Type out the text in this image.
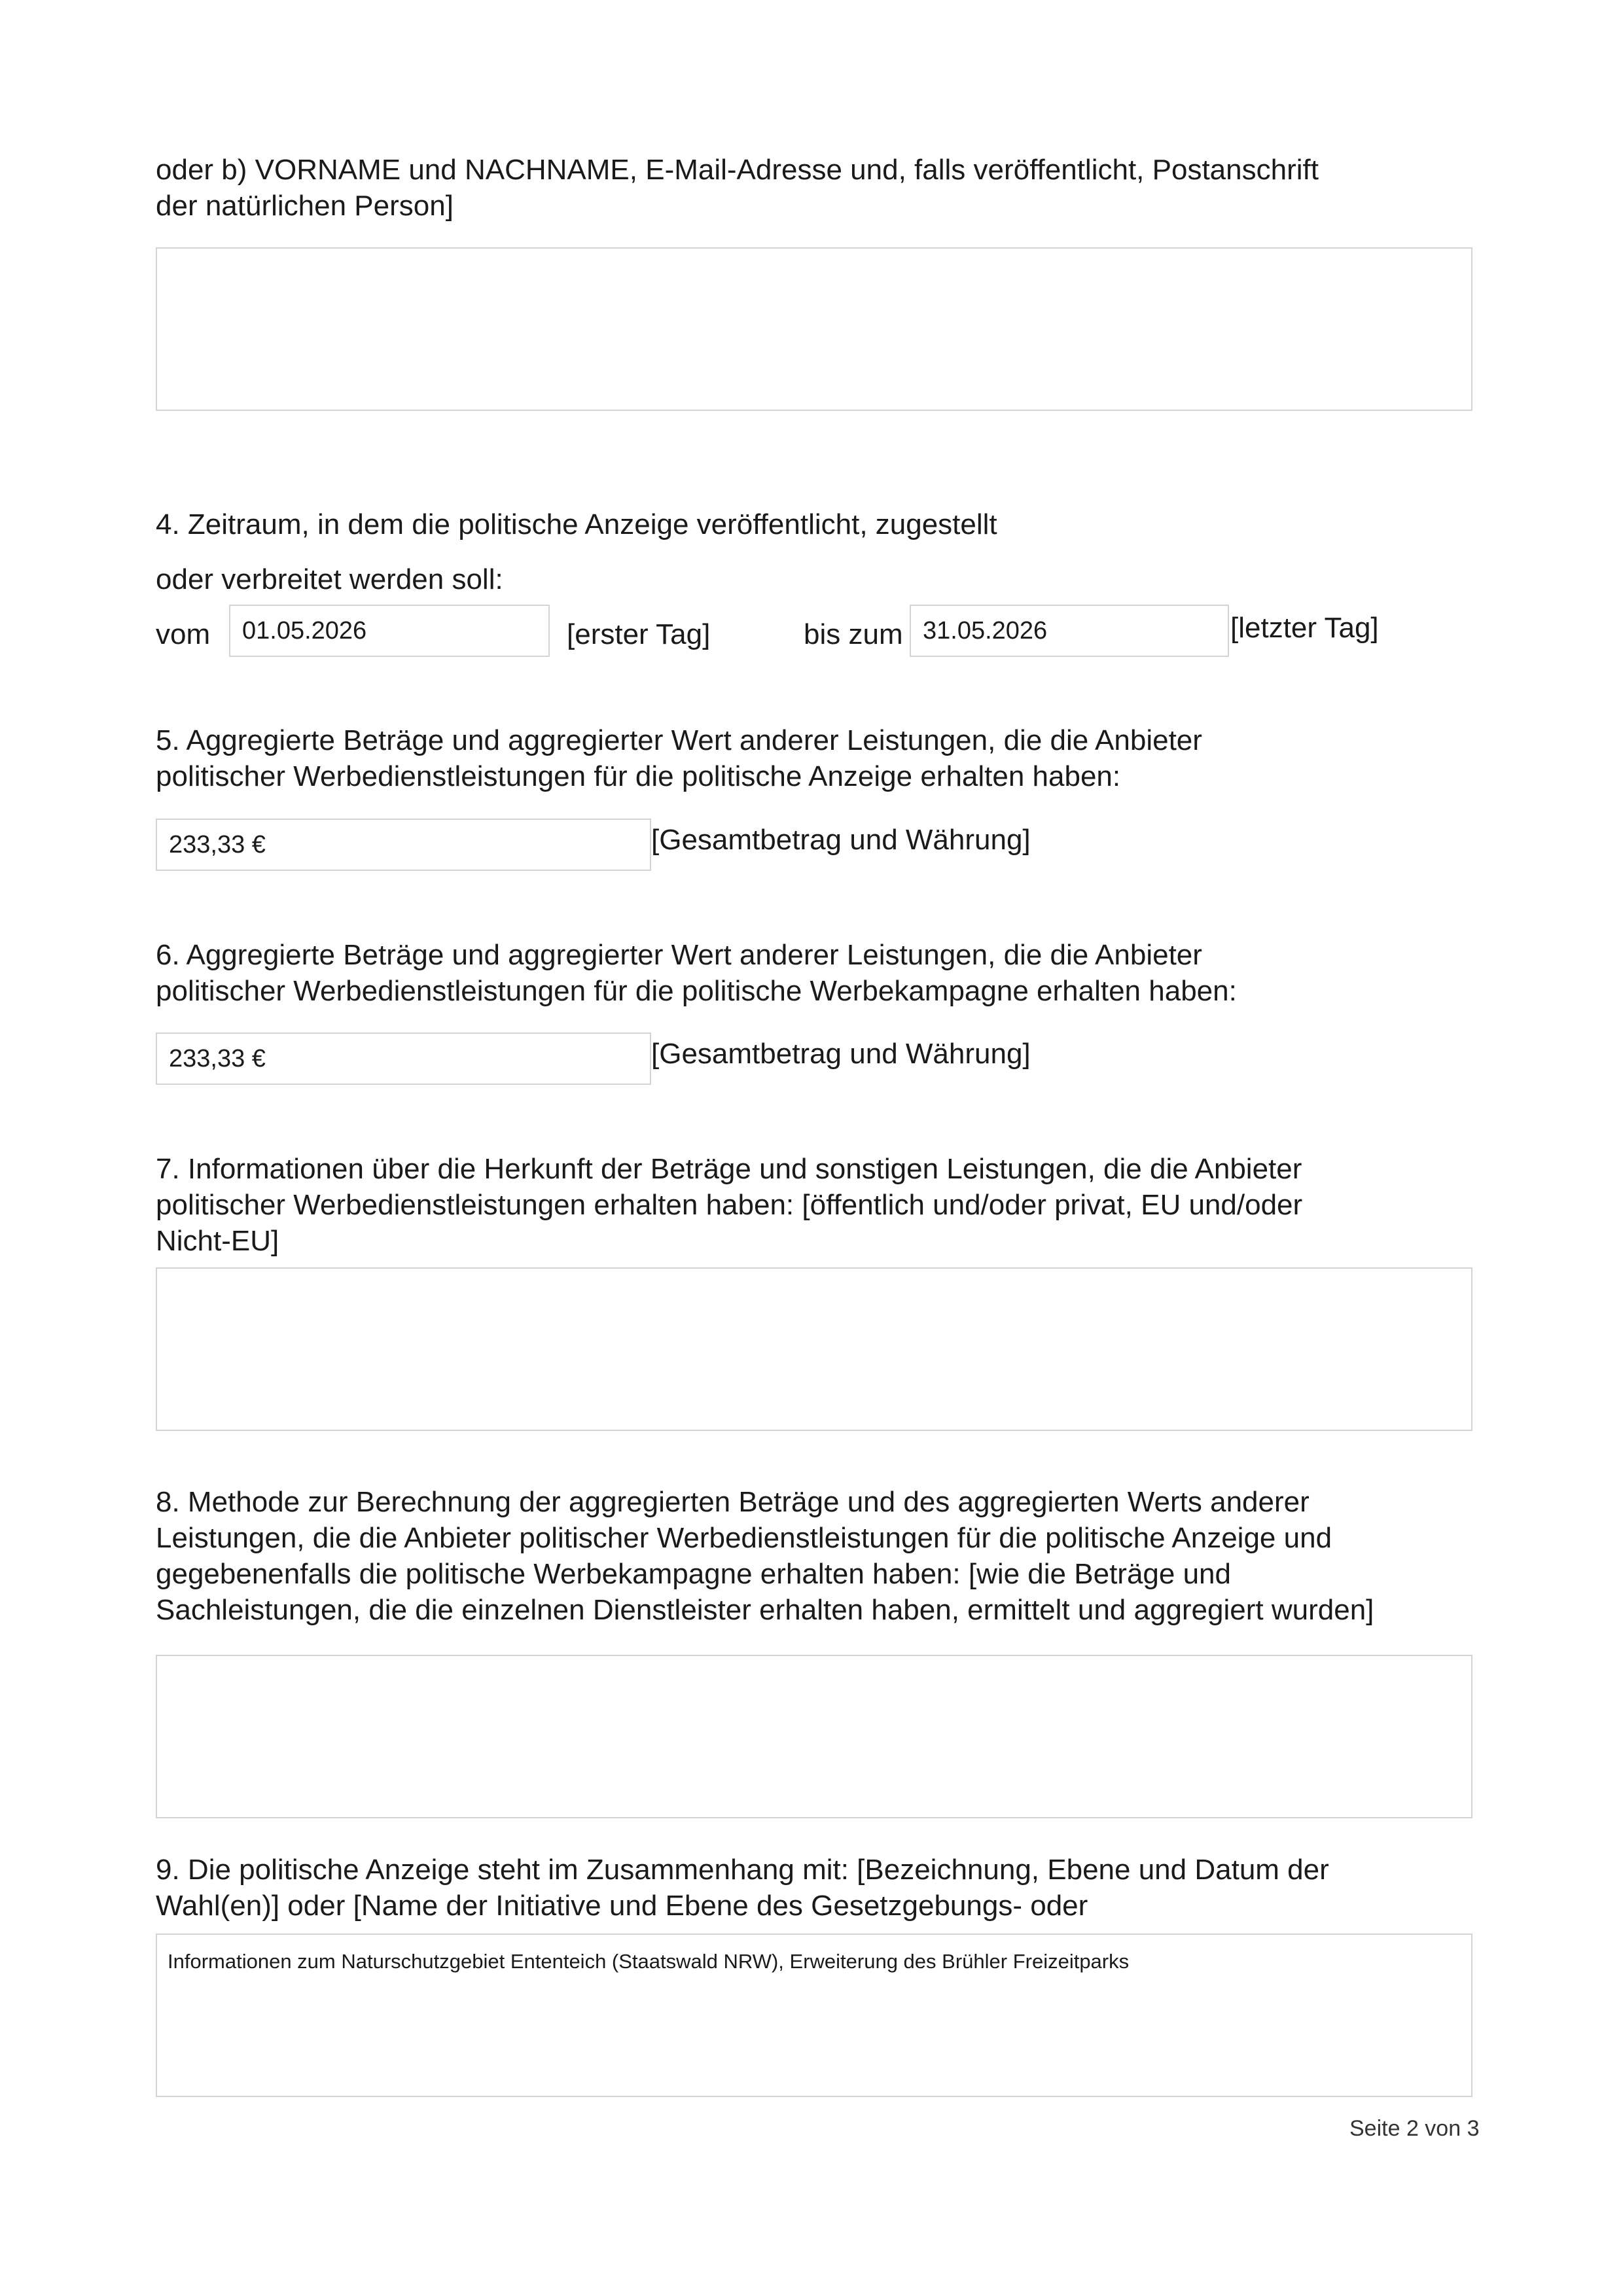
oder b) VORNAME und NACHNAME, E-Mail-Adresse und, falls veröffentlicht, Postanschrift

der natürlichen Person]

4. Zeitraum, in dem die politische Anzeige veröffentlicht, zugestellt

oder verbreitet werden soll:

vom	01.05.2026	[erster Tag]	bis zum 31.05.2026	[letzter Tag]

5. Aggregierte Beträge und aggregierter Wert anderer Leistungen, die die Anbieter

politischer Werbedienstleistungen für die politische Anzeige erhalten haben:

233,33 €	[Gesamtbetrag und Währung]

6. Aggregierte Beträge und aggregierter Wert anderer Leistungen, die die Anbieter

politischer Werbedienstleistungen für die politische Werbekampagne erhalten haben:

233,33 €	[Gesamtbetrag und Währung]

7. Informationen über die Herkunft der Beträge und sonstigen Leistungen, die die Anbieter

politischer Werbedienstleistungen erhalten haben: [öffentlich und/oder privat, EU und/oder

Nicht-EU]

8. Methode zur Berechnung der aggregierten Beträge und des aggregierten Werts anderer

Leistungen, die die Anbieter politischer Werbedienstleistungen für die politische Anzeige und

gegebenenfalls die politische Werbekampagne erhalten haben: [wie die Beträge und

Sachleistungen, die die einzelnen Dienstleister erhalten haben, ermittelt und aggregiert wurden]

9. Die politische Anzeige steht im Zusammenhang mit: [Bezeichnung, Ebene und Datum der

Wahl(en)] oder [Name der Initiative und Ebene des Gesetzgebungs- oder

Informationen zum Naturschutzgebiet Ententeich (Staatswald NRW), Erweiterung des Brühler Freizeitparks
Seite 2 von 3
